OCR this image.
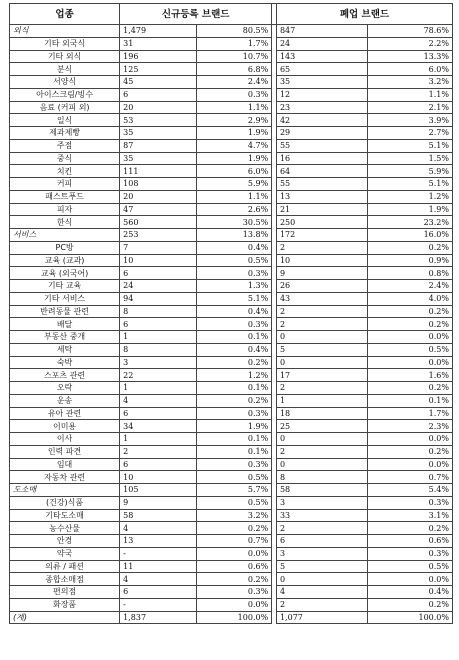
업종	신규등록 브랜드			폐업 브랜드	
외식	1,479	80.5%		847	78.6%
기타 외국식	31	1.7%		24	2.2%
기타 외식	196	10.7%		143	13.3%
분식	125	6.8%		65	6.0%
서양식	45	2.4%		35	3.2%
아이스크림/빙수	6	0.3%		12	1.1%
음료 (커피 외)	20	1.1%		23	2.1%
일식	53	2.9%		42	3.9%
제과제빵	35	1.9%		29	2.7%
주점	87	4.7%		55	5.1%
중식	35	1.9%		16	1.5%
치킨	111	6.0%		64	5.9%
커피	108	5.9%		55	5.1%
패스트푸드	20	1.1%		13	1.2%
피자	47	2.6%		21	1.9%
한식	560	30.5%		250	23.2%
서비스	253	13.8%		172	16.0%
PC방	7	0.4%		2	0.2%
교육 (교과)	10	0.5%		10	0.9%
교육 (외국어)	6	0.3%		9	0.8%
기타 교육	24	1.3%		26	2.4%
기타 서비스	94	5.1%		43	4.0%
반려동물 관련	8	0.4%		2	0.2%
배달	6	0.3%		2	0.2%
부동산 중개	1	0.1%		0	0.0%
세탁	8	0.4%		5	0.5%
숙박	3	0.2%		0	0.0%
스포츠 관련	22	1.2%		17	1.6%
오락	1	0.1%		2	0.2%
운송	4	0.2%		1	0.1%
유아 관련	6	0.3%		18	1.7%
이미용	34	1.9%		25	2.3%
이사	1	0.1%		0	0.0%
인력 파견	2	0.1%		2	0.2%
임대	6	0.3%		0	0.0%
자동차 관련	10	0.5%		8	0.7%
도소매	105	5.7%		58	5.4%
(건강)식품	9	0.5%		3	0.3%
기타도소매	58	3.2%		33	3.1%
농수산물	4	0.2%		2	0.2%
안경	13	0.7%		6	0.6%
약국	-	0.0%		3	0.3%
의류 / 패션	11	0.6%		5	0.5%
종합소매점	4	0.2%		0	0.0%
편의점	6	0.3%		4	0.4%
화장품	-	0.0%		2	0.2%
(계)	1,837	100.0%		1,077	100.0%
